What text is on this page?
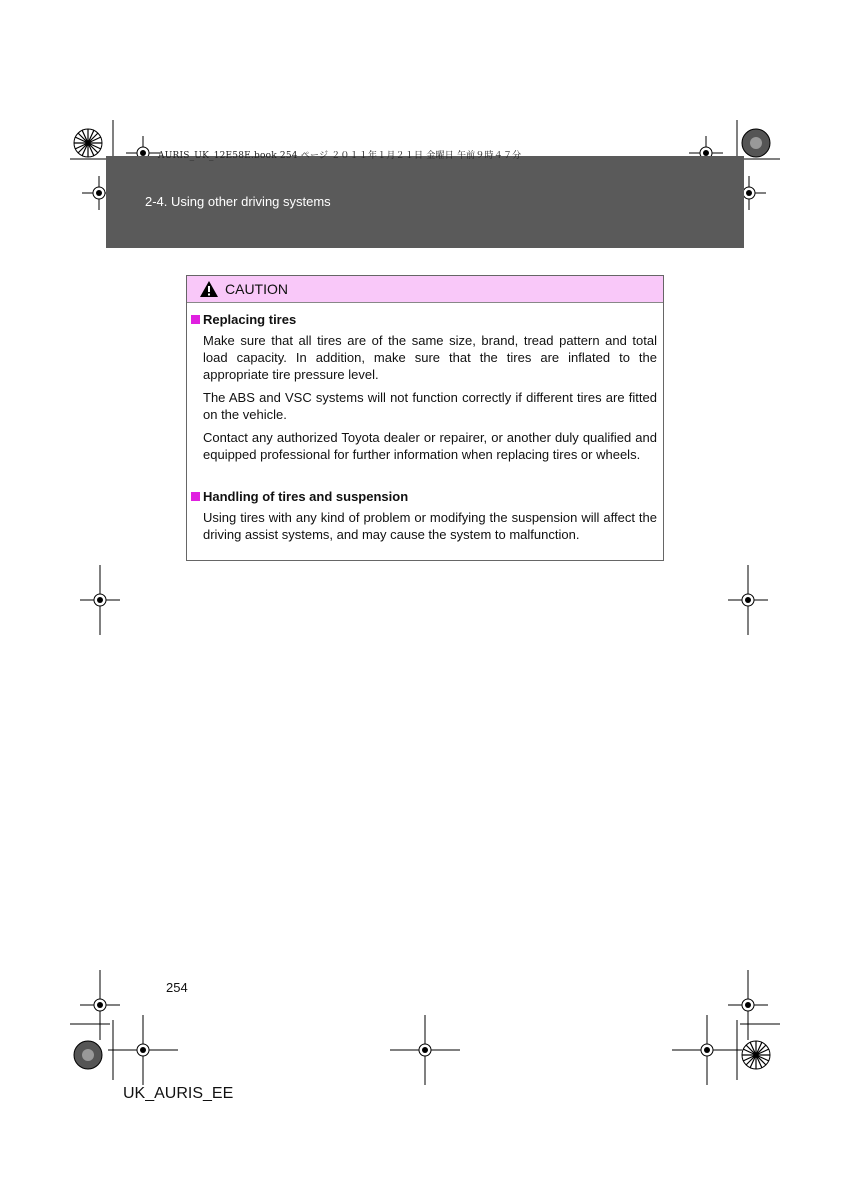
AURIS_UK_12E58E.book 254 ページ ２０１１年１月２１日 金曜日 午前９時４７分
2-4. Using other driving systems
CAUTION
Replacing tires

Make sure that all tires are of the same size, brand, tread pattern and total load capacity. In addition, make sure that the tires are inflated to the appropriate tire pressure level.

The ABS and VSC systems will not function correctly if different tires are fitted on the vehicle.

Contact any authorized Toyota dealer or repairer, or another duly qualified and equipped professional for further information when replacing tires or wheels.

Handling of tires and suspension

Using tires with any kind of problem or modifying the suspension will affect the driving assist systems, and may cause the system to malfunction.

254
UK_AURIS_EE
